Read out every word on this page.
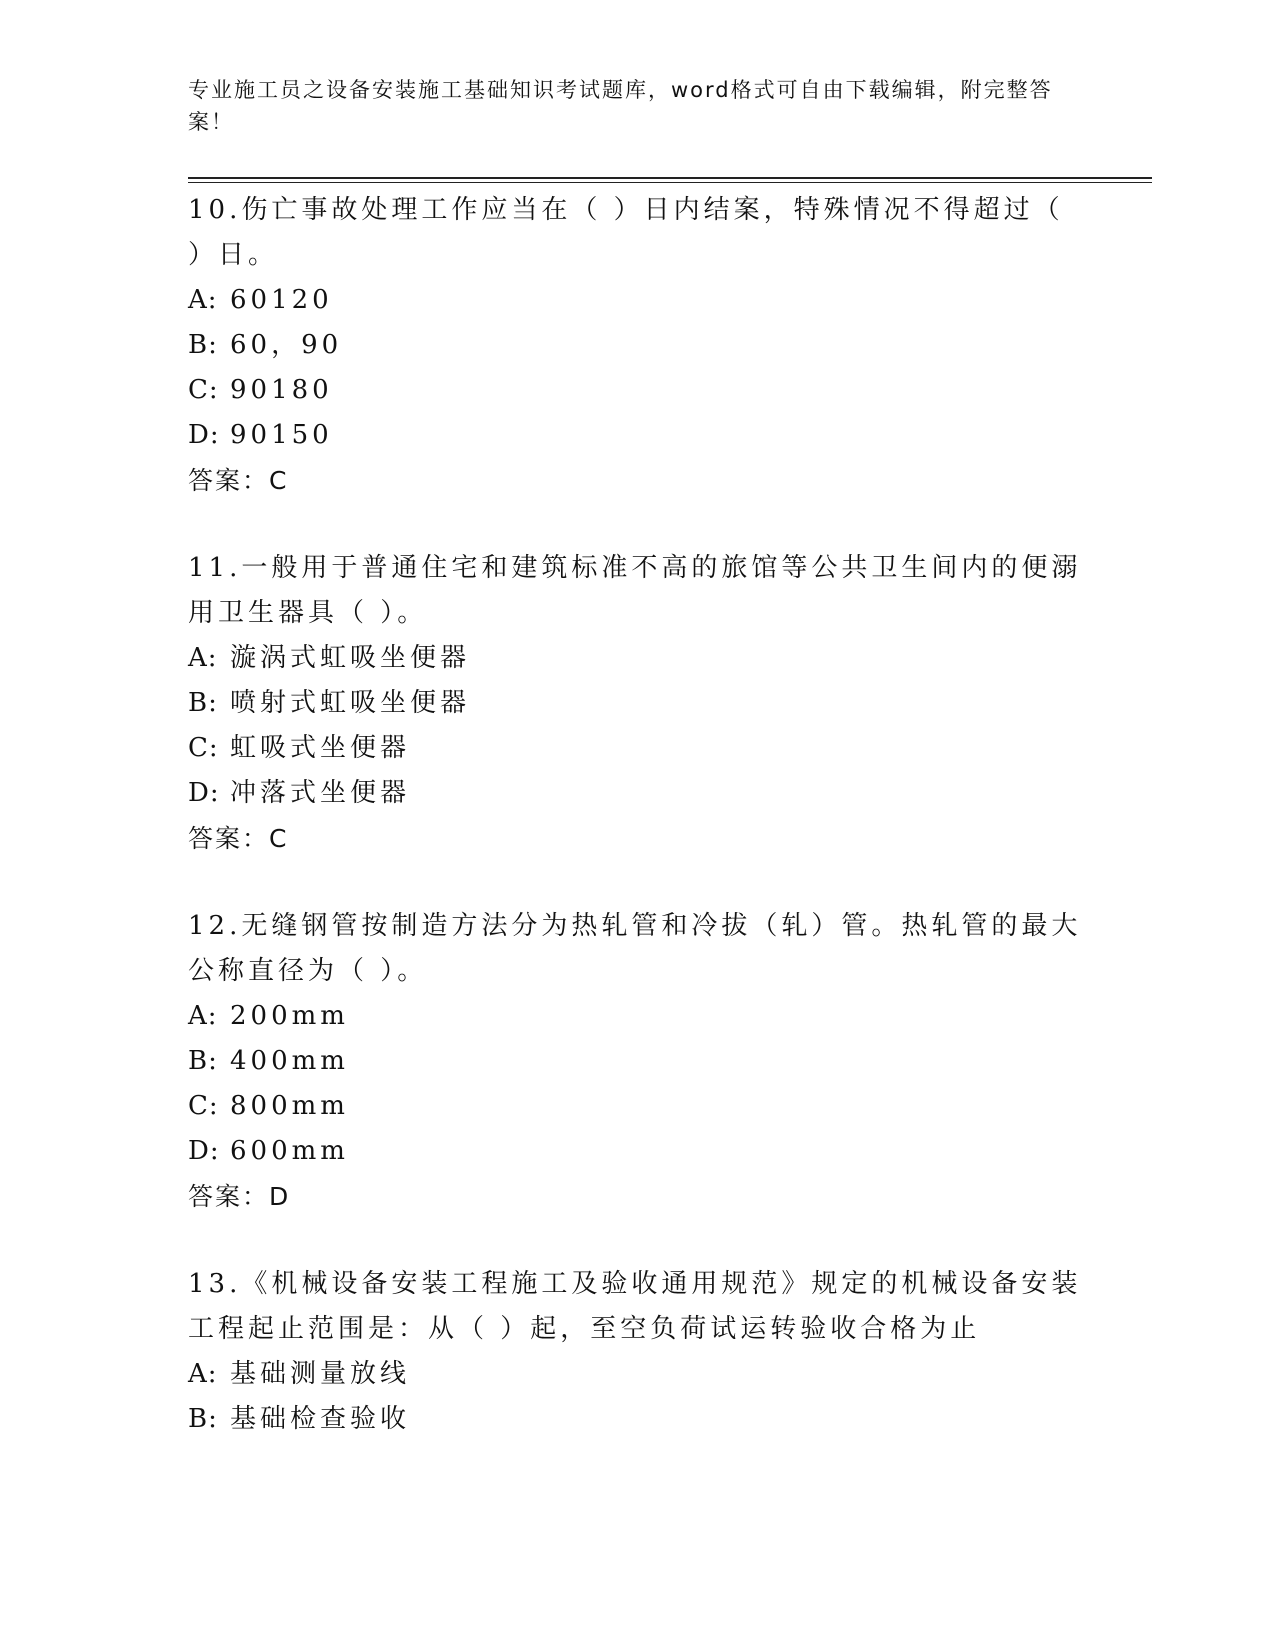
专业施工员之设备安装施工基础知识考试题库，word格式可自由下载编辑，附完整答案！

10.伤亡事故处理工作应当在（ ）日内结案，特殊情况不得超过（ ）日。

A: 60120

B: 60，90

C: 90180

D: 90150

答案：C

11.一般用于普通住宅和建筑标准不高的旅馆等公共卫生间内的便溺用卫生器具（ ）。

A: 漩涡式虹吸坐便器

B: 喷射式虹吸坐便器

C: 虹吸式坐便器

D: 冲落式坐便器

答案：C

12.无缝钢管按制造方法分为热轧管和冷拔（轧）管。热轧管的最大公称直径为（ ）。

A: 200mm

B: 400mm

C: 800mm

D: 600mm

答案：D

13.《机械设备安装工程施工及验收通用规范》规定的机械设备安装工程起止范围是：从（ ）起，至空负荷试运转验收合格为止

A: 基础测量放线

B: 基础检查验收
